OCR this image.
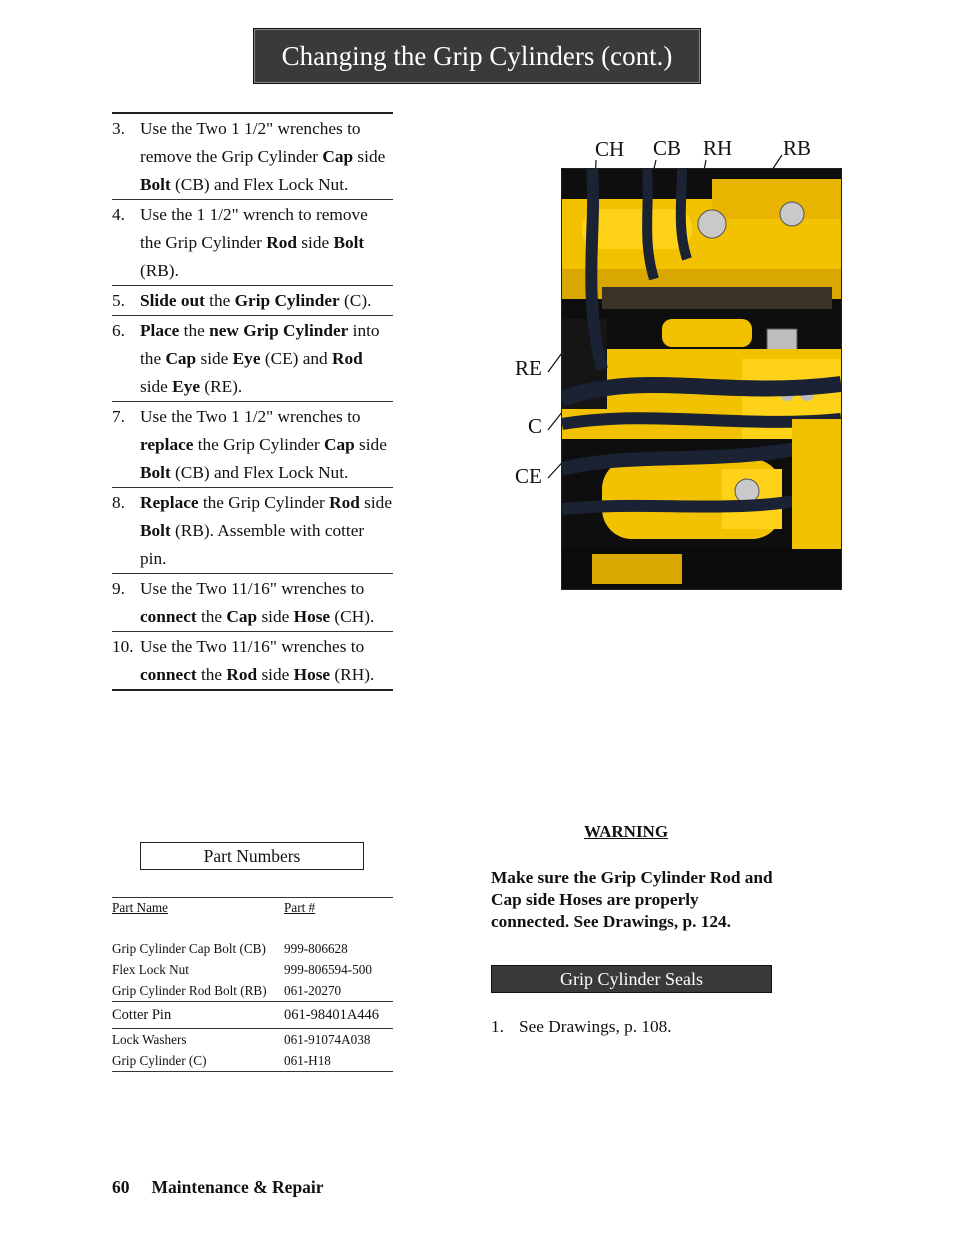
Changing the Grip Cylinders (cont.)
3. Use the Two 1 1/2" wrenches to remove the Grip Cylinder Cap side Bolt (CB) and Flex Lock Nut.
4. Use the 1 1/2" wrench to remove the Grip Cylinder Rod side Bolt (RB).
5. Slide out the Grip Cylinder (C).
6. Place the new Grip Cylinder into the Cap side Eye (CE) and Rod side Eye (RE).
7. Use the Two 1 1/2" wrenches to replace the Grip Cylinder Cap side Bolt (CB) and Flex Lock Nut.
8. Replace the Grip Cylinder Rod side Bolt (RB). Assemble with cotter pin.
9. Use the Two 11/16" wrenches to connect the Cap side Hose (CH).
10. Use the Two 11/16" wrenches to connect the Rod side Hose (RH).
CH CB RH RB
RE
C
CE
Part Numbers
Part Name	Part #
Grip Cylinder Cap Bolt (CB)	999-806628
Flex Lock Nut	999-806594-500
Grip Cylinder Rod Bolt (RB)	061-20270
Cotter Pin	061-98401A446
Lock Washers	061-91074A038
Grip Cylinder (C)	061-H18
WARNING
Make sure the Grip Cylinder Rod and Cap side Hoses are properly connected. See Drawings, p. 124.
Grip Cylinder Seals
1. See Drawings, p. 108.
60 Maintenance & Repair
